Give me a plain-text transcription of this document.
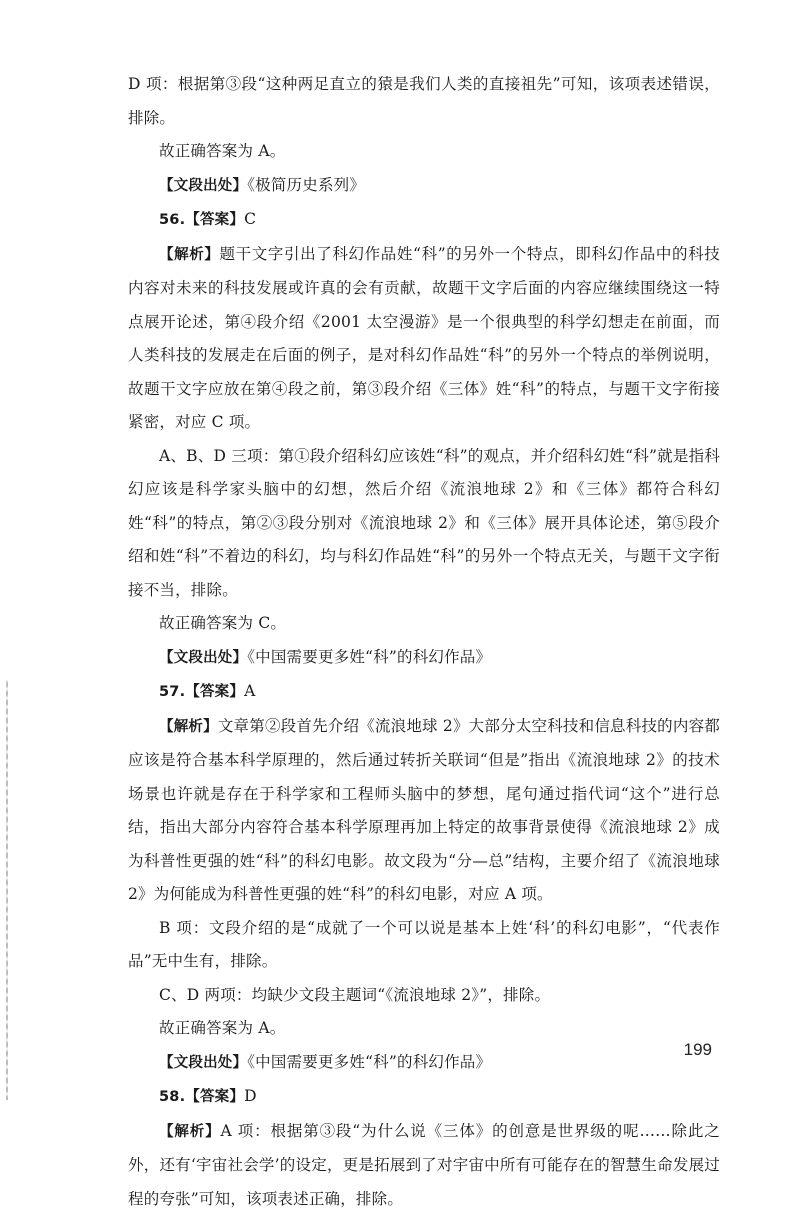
D 项：根据第③段“这种两足直立的猿是我们人类的直接祖先”可知，该项表述错误，排除。

故正确答案为 A。

【文段出处】《极简历史系列》

56.【答案】C

【解析】题干文字引出了科幻作品姓“科”的另外一个特点，即科幻作品中的科技内容对未来的科技发展或许真的会有贡献，故题干文字后面的内容应继续围绕这一特点展开论述，第④段介绍《2001 太空漫游》是一个很典型的科学幻想走在前面，而人类科技的发展走在后面的例子，是对科幻作品姓“科”的另外一个特点的举例说明，故题干文字应放在第④段之前，第③段介绍《三体》姓“科”的特点，与题干文字衔接紧密，对应 C 项。

A、B、D 三项：第①段介绍科幻应该姓“科”的观点，并介绍科幻姓“科”就是指科幻应该是科学家头脑中的幻想，然后介绍《流浪地球 2》和《三体》都符合科幻姓“科”的特点，第②③段分别对《流浪地球 2》和《三体》展开具体论述，第⑤段介绍和姓“科”不着边的科幻，均与科幻作品姓“科”的另外一个特点无关，与题干文字衔接不当，排除。

故正确答案为 C。

【文段出处】《中国需要更多姓“科”的科幻作品》

57.【答案】A

【解析】文章第②段首先介绍《流浪地球 2》大部分太空科技和信息科技的内容都应该是符合基本科学原理的，然后通过转折关联词“但是”指出《流浪地球 2》的技术场景也许就是存在于科学家和工程师头脑中的梦想，尾句通过指代词“这个”进行总结，指出大部分内容符合基本科学原理再加上特定的故事背景使得《流浪地球 2》成为科普性更强的姓“科”的科幻电影。故文段为“分—总”结构，主要介绍了《流浪地球 2》为何能成为科普性更强的姓“科”的科幻电影，对应 A 项。

B 项：文段介绍的是“成就了一个可以说是基本上姓‘科’的科幻电影”，“代表作品”无中生有，排除。

C、D 两项：均缺少文段主题词“《流浪地球 2》”，排除。

故正确答案为 A。

【文段出处】《中国需要更多姓“科”的科幻作品》

58.【答案】D

【解析】A 项：根据第③段“为什么说《三体》的创意是世界级的呢……除此之外，还有‘宇宙社会学’的设定，更是拓展到了对宇宙中所有可能存在的智慧生命发展过程的夸张”可知，该项表述正确，排除。

199
